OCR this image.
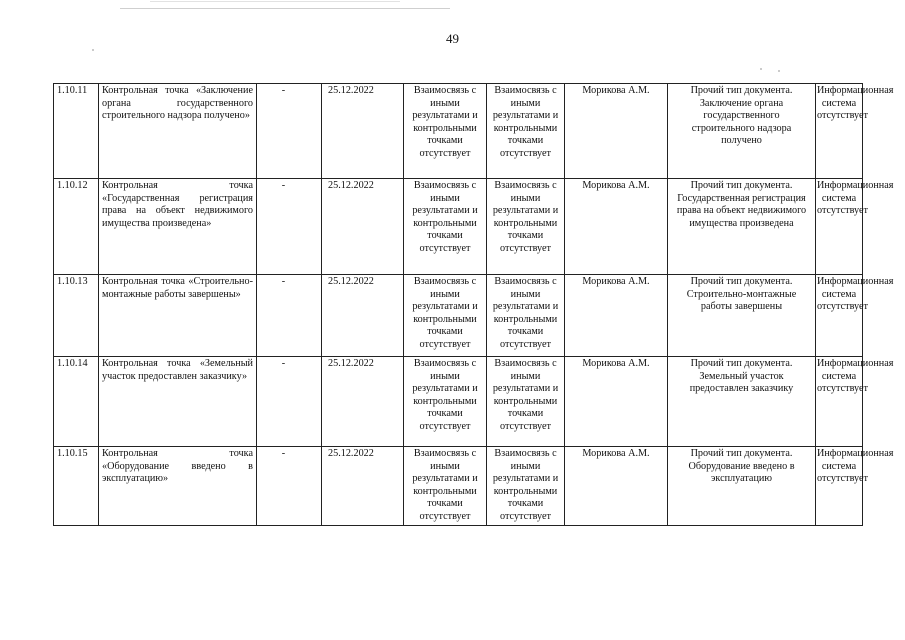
49
1.10.11	Контрольная точка «Заключение органа государственного строительного надзора получено»	-	25.12.2022	Взаимосвязь с иными результатами и контрольными точками отсутствует	Взаимосвязь с иными результатами и контрольными точками отсутствует	Морикова А.М.	Прочий тип документа. Заключение органа государственного строительного надзора получено	Информационная система отсутствует
1.10.12	Контрольная точка «Государственная регистрация права на объект недвижимого имущества произведена»	-	25.12.2022	Взаимосвязь с иными результатами и контрольными точками отсутствует	Взаимосвязь с иными результатами и контрольными точками отсутствует	Морикова А.М.	Прочий тип документа. Государственная регистрация права на объект недвижимого имущества произведена	Информационная система отсутствует
1.10.13	Контрольная точка «Строительно-монтажные работы завершены»	-	25.12.2022	Взаимосвязь с иными результатами и контрольными точками отсутствует	Взаимосвязь с иными результатами и контрольными точками отсутствует	Морикова А.М.	Прочий тип документа. Строительно-монтажные работы завершены	Информационная система отсутствует
1.10.14	Контрольная точка «Земельный участок предоставлен заказчику»	-	25.12.2022	Взаимосвязь с иными результатами и контрольными точками отсутствует	Взаимосвязь с иными результатами и контрольными точками отсутствует	Морикова А.М.	Прочий тип документа. Земельный участок предоставлен заказчику	Информационная система отсутствует
1.10.15	Контрольная точка «Оборудование введено в эксплуатацию»	-	25.12.2022	Взаимосвязь с иными результатами и контрольными точками отсутствует	Взаимосвязь с иными результатами и контрольными точками отсутствует	Морикова А.М.	Прочий тип документа. Оборудование введено в эксплуатацию	Информационная система отсутствует
